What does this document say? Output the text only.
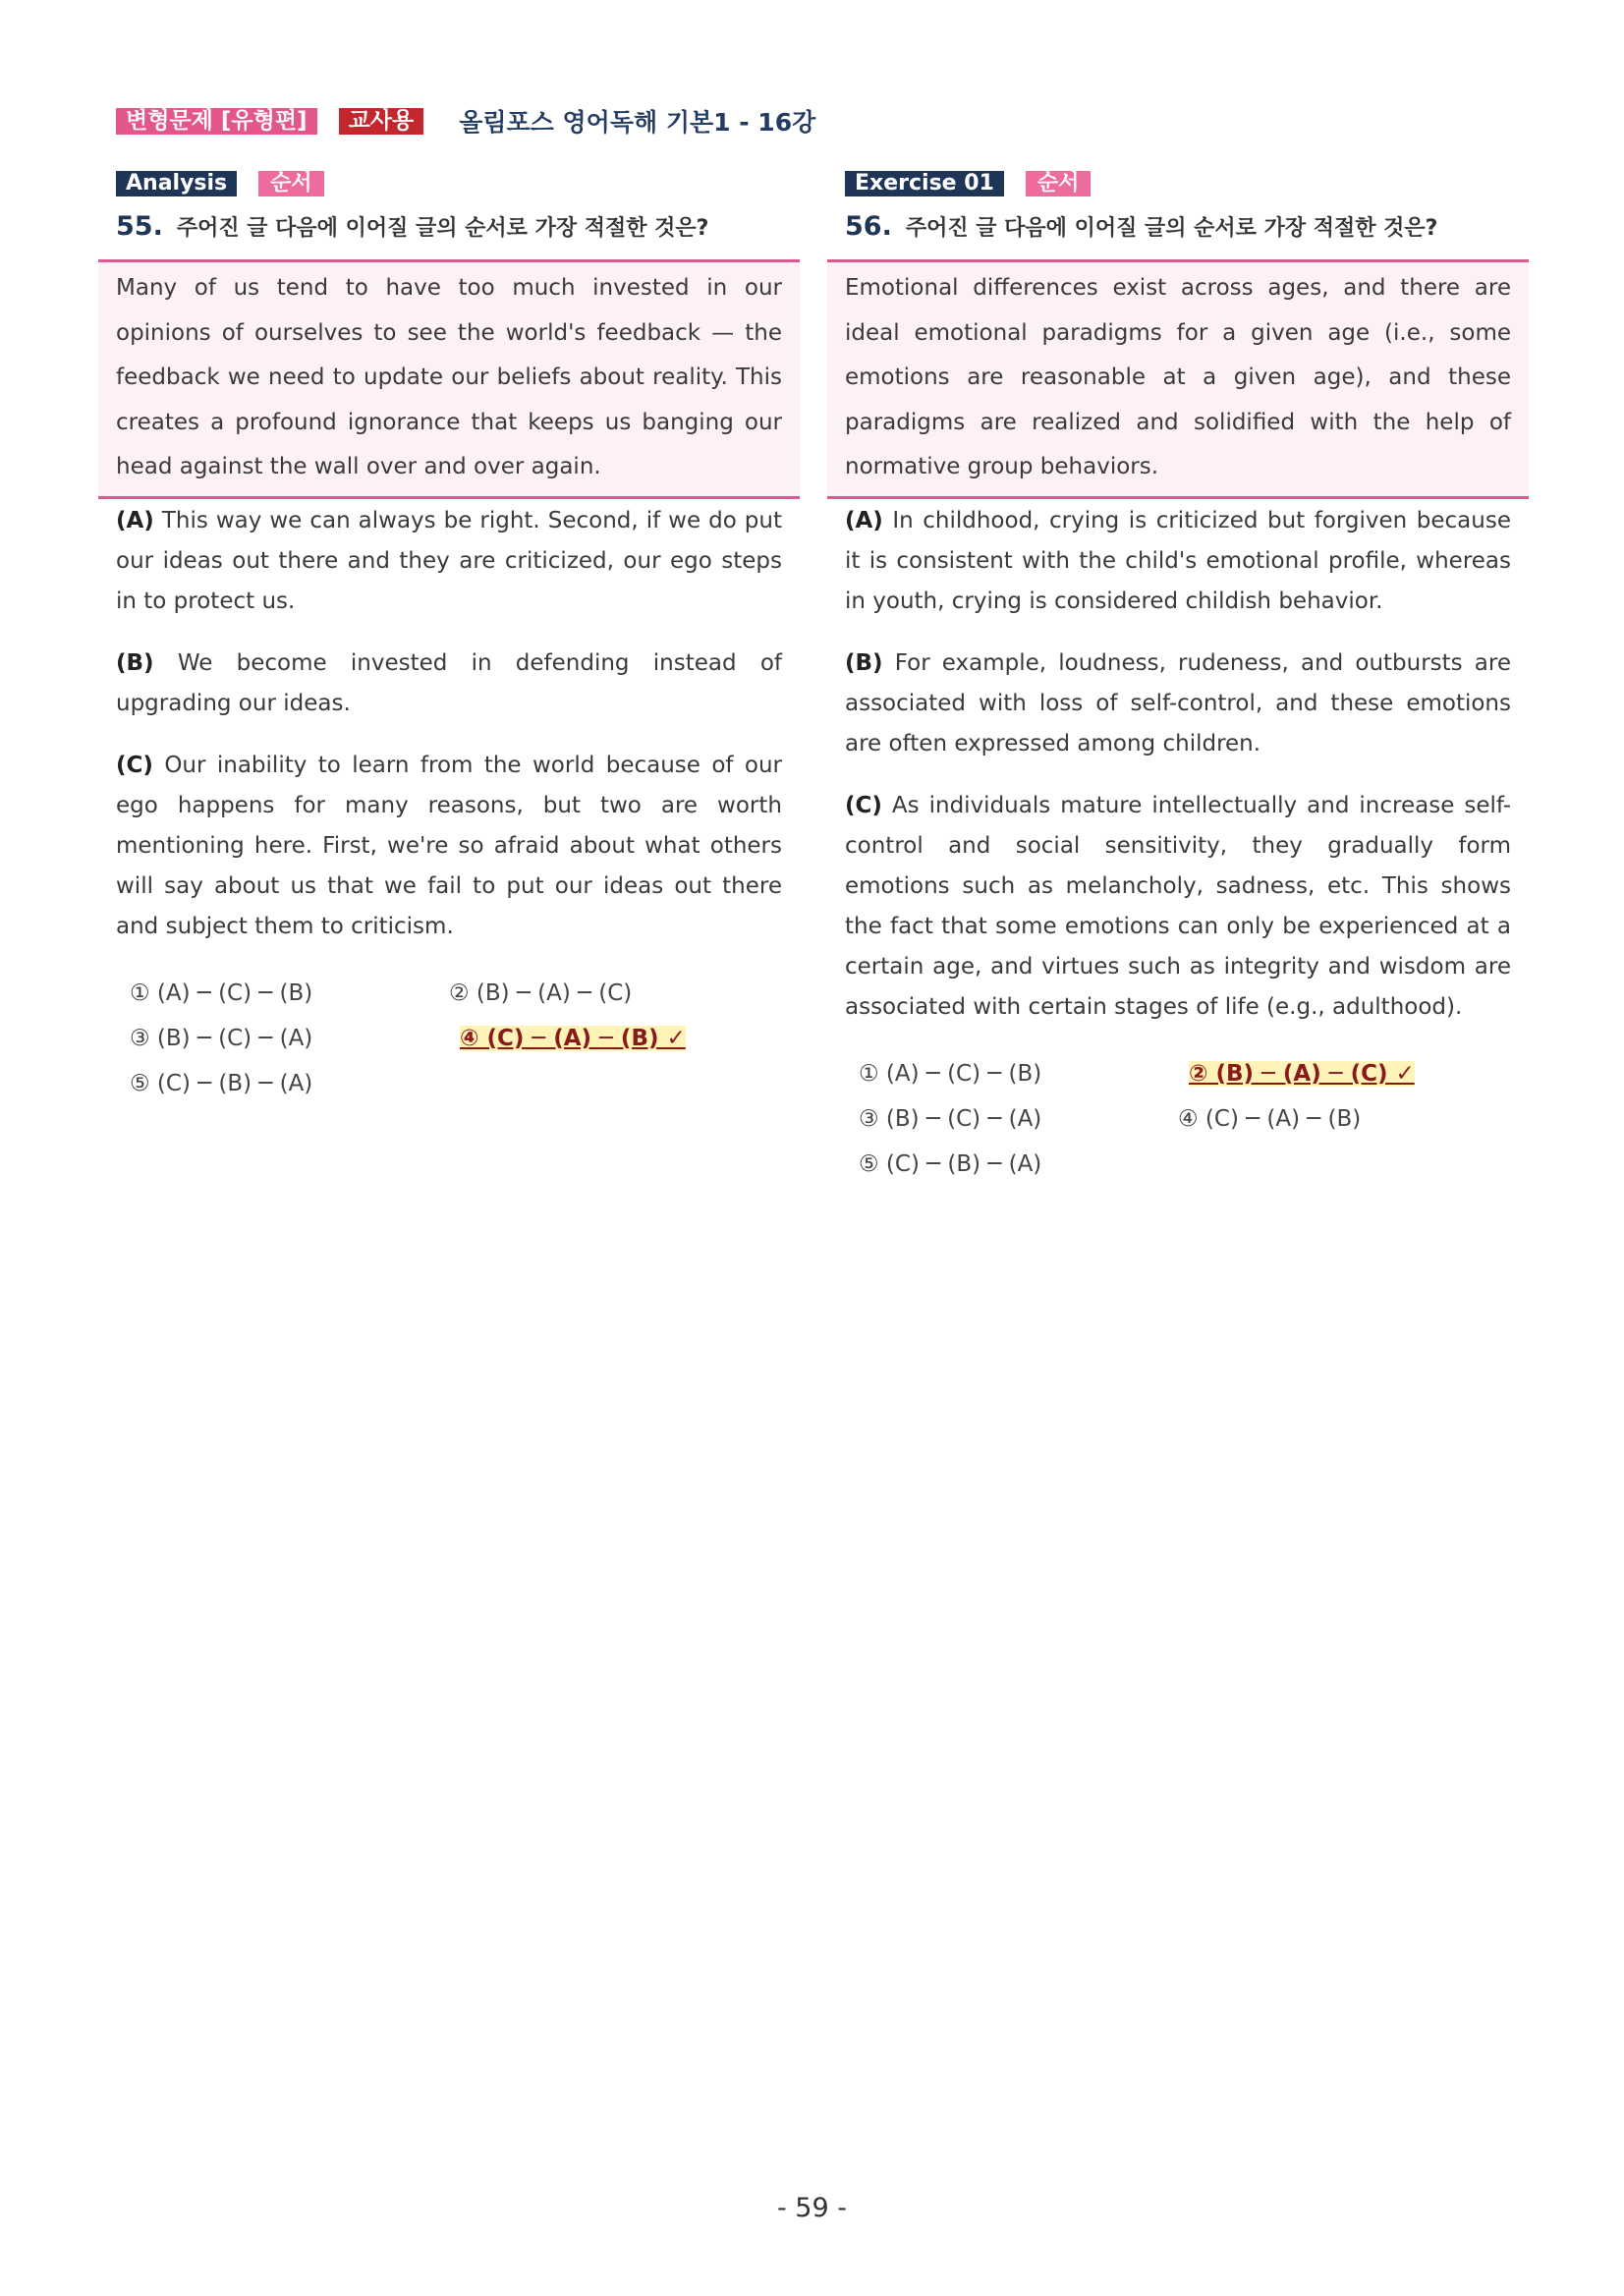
변형문제 [유형편]	교사용	올림포스 영어독해 기본1 - 16강
Analysis	순서
55. 주어진 글 다음에 이어질 글의 순서로 가장 적절한 것은?
Many of us tend to have too much invested in our opinions of ourselves to see the world's feedback — the feedback we need to update our beliefs about reality. This creates a profound ignorance that keeps us banging our head against the wall over and over again.
(A) This way we can always be right. Second, if we do put our ideas out there and they are criticized, our ego steps in to protect us.
(B) We become invested in defending instead of upgrading our ideas.
(C) Our inability to learn from the world because of our ego happens for many reasons, but two are worth mentioning here. First, we're so afraid about what others will say about us that we fail to put our ideas out there and subject them to criticism.
① (A) ─ (C) ─ (B)	② (B) ─ (A) ─ (C)
③ (B) ─ (C) ─ (A)	④ (C) ─ (A) ─ (B) ✓
⑤ (C) ─ (B) ─ (A)
Exercise 01	순서
56. 주어진 글 다음에 이어질 글의 순서로 가장 적절한 것은?
Emotional differences exist across ages, and there are ideal emotional paradigms for a given age (i.e., some emotions are reasonable at a given age), and these paradigms are realized and solidified with the help of normative group behaviors.
(A) In childhood, crying is criticized but forgiven because it is consistent with the child's emotional profile, whereas in youth, crying is considered childish behavior.
(B) For example, loudness, rudeness, and outbursts are associated with loss of self-control, and these emotions are often expressed among children.
(C) As individuals mature intellectually and increase self-control and social sensitivity, they gradually form emotions such as melancholy, sadness, etc. This shows the fact that some emotions can only be experienced at a certain age, and virtues such as integrity and wisdom are associated with certain stages of life (e.g., adulthood).
① (A) ─ (C) ─ (B)	② (B) ─ (A) ─ (C) ✓
③ (B) ─ (C) ─ (A)	④ (C) ─ (A) ─ (B)
⑤ (C) ─ (B) ─ (A)
- 59 -
